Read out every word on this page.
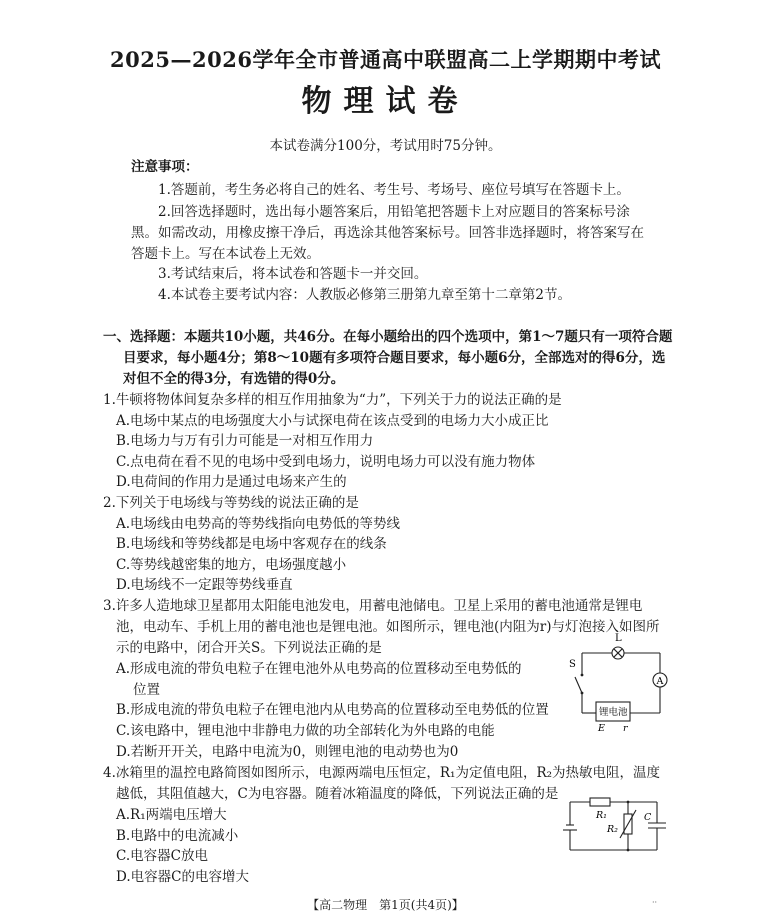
2025—2026学年全市普通高中联盟高二上学期期中考试
物理试卷
本试卷满分100分，考试用时75分钟。
注意事项：
1.答题前，考生务必将自己的姓名、考生号、考场号、座位号填写在答题卡上。
2.回答选择题时，选出每小题答案后，用铅笔把答题卡上对应题目的答案标号涂
黑。如需改动，用橡皮擦干净后，再选涂其他答案标号。回答非选择题时，将答案写在
答题卡上。写在本试卷上无效。
3.考试结束后，将本试卷和答题卡一并交回。
4.本试卷主要考试内容：人教版必修第三册第九章至第十二章第2节。
一、选择题：本题共10小题，共46分。在每小题给出的四个选项中，第1～7题只有一项符合题
目要求，每小题4分；第8～10题有多项符合题目要求，每小题6分，全部选对的得6分，选
对但不全的得3分，有选错的得0分。
1.牛顿将物体间复杂多样的相互作用抽象为“力”，下列关于力的说法正确的是
A.电场中某点的电场强度大小与试探电荷在该点受到的电场力大小成正比
B.电场力与万有引力可能是一对相互作用力
C.点电荷在看不见的电场中受到电场力，说明电场力可以没有施力物体
D.电荷间的作用力是通过电场来产生的
2.下列关于电场线与等势线的说法正确的是
A.电场线由电势高的等势线指向电势低的等势线
B.电场线和等势线都是电场中客观存在的线条
C.等势线越密集的地方，电场强度越小
D.电场线不一定跟等势线垂直
3.许多人造地球卫星都用太阳能电池发电，用蓄电池储电。卫星上采用的蓄电池通常是锂电
池，电动车、手机上用的蓄电池也是锂电池。如图所示，锂电池(内阻为r)与灯泡接入如图所
示的电路中，闭合开关S。下列说法正确的是
A.形成电流的带负电粒子在锂电池外从电势高的位置移动至电势低的
位置
B.形成电流的带负电粒子在锂电池内从电势高的位置移动至电势低的位置
C.该电路中，锂电池中非静电力做的功全部转化为外电路的电能
D.若断开开关，电路中电流为0，则锂电池的电动势也为0
L
S
A
锂电池
E r
4.冰箱里的温控电路简图如图所示，电源两端电压恒定，R₁为定值电阻，R₂为热敏电阻，温度
越低，其阻值越大，C为电容器。随着冰箱温度的降低，下列说法正确的是
A.R₁两端电压增大
B.电路中的电流减小
C.电容器C放电
D.电容器C的电容增大
R₁
R₂
C
【高二物理　第1页(共4页)】	··
